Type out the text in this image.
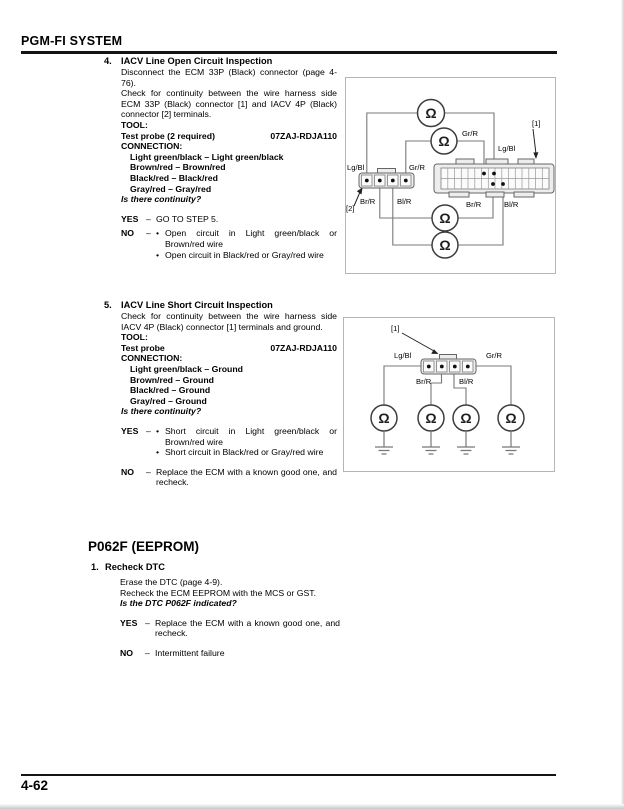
PGM-FI SYSTEM
4. IACV Line Open Circuit Inspection

Disconnect the ECM 33P (Black) connector (page 4-76).

Check for continuity between the wire harness side ECM 33P (Black) connector [1] and IACV 4P (Black) connector [2] terminals.

TOOL:

Test probe (2 required)	07ZAJ-RDJA110

CONNECTION:

Light green/black – Light green/black
Brown/red – Brown/red
Black/red – Black/red
Gray/red – Gray/red

Is there continuity?

YES – GO TO STEP 5.
NO	– • Open circuit in Light green/black or Brown/red wire
• Open circuit in Black/red or Gray/red wire
5. IACV Line Short Circuit Inspection

Check for continuity between the wire harness side IACV 4P (Black) connector [1] terminals and ground.

TOOL:

Test probe	07ZAJ-RDJA110

CONNECTION:

Light green/black – Ground
Brown/red – Ground
Black/red – Ground
Gray/red – Ground

Is there continuity?

YES – • Short circuit in Light green/black or Brown/red wire
• Short circuit in Black/red or Gray/red wire
NO	– Replace the ECM with a known good one, and recheck.
P062F (EEPROM)
1. Recheck DTC

Erase the DTC (page 4-9).

Recheck the ECM EEPROM with the MCS or GST.

Is the DTC P062F indicated?

YES – Replace the ECM with a known good one, and recheck.
NO	– Intermittent failure
Ω
Ω
Ω
Ω
Lg/Bl	Gr/R
Gr/R
Lg/Bl
Br/R	Bl/R	Br/R	Bl/R
[1]
[2]
Ω	Ω Ω Ω
Lg/Bl	Gr/R
Br/R	Bl/R
[1]
4-62
